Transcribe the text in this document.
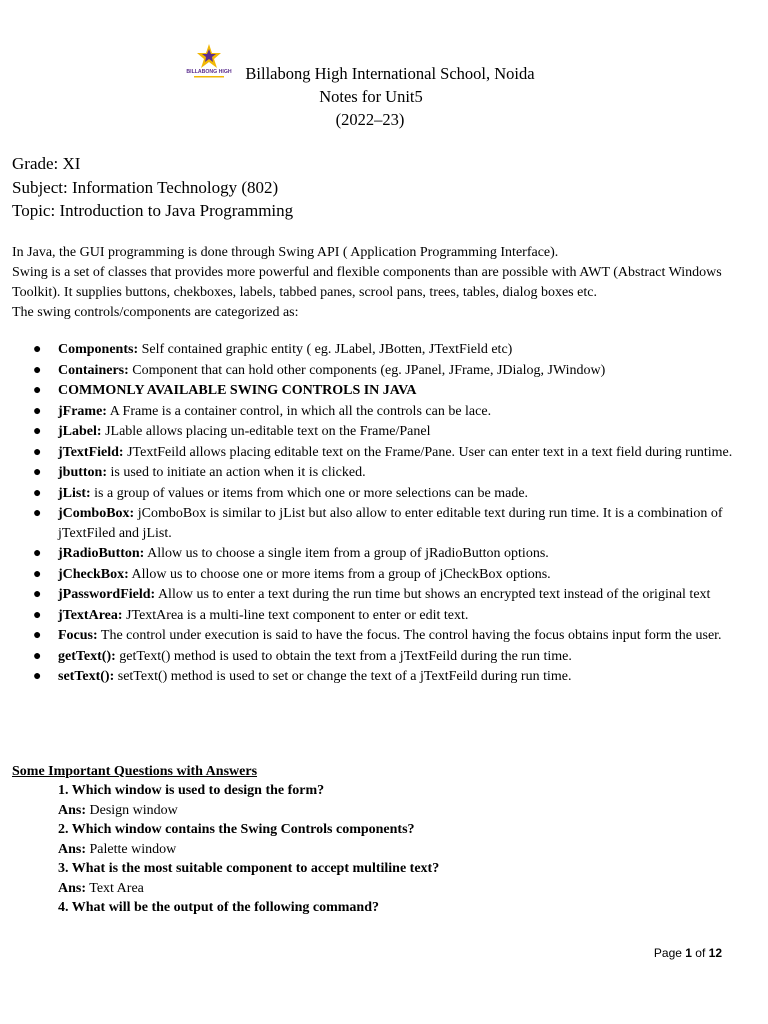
BILLABONG HIGH Billabong High International School, Noida
Notes for Unit5
(2022–23)
Grade: XI
Subject: Information Technology (802)
Topic: Introduction to Java Programming
In Java, the GUI programming is done through Swing API ( Application Programming Interface).
Swing is a set of classes that provides more powerful and flexible components than are possible with AWT (Abstract Windows Toolkit). It supplies buttons, chekboxes, labels, tabbed panes, scrool pans, trees, tables, dialog boxes etc.
The swing controls/components are categorized as:
● Components: Self contained graphic entity ( eg. JLabel, JBotten, JTextField etc)
● Containers: Component that can hold other components (eg. JPanel, JFrame, JDialog, JWindow)
● COMMONLY AVAILABLE SWING CONTROLS IN JAVA
● jFrame: A Frame is a container control, in which all the controls can be lace.
● jLabel: JLable allows placing un-editable text on the Frame/Panel
● jTextField: JTextFeild allows placing editable text on the Frame/Pane. User can enter text in a text field during runtime.
● jbutton: is used to initiate an action when it is clicked.
● jList: is a group of values or items from which one or more selections can be made.
● jComboBox: jComboBox is similar to jList but also allow to enter editable text during run time. It is a combination of jTextFiled and jList.
● jRadioButton: Allow us to choose a single item from a group of jRadioButton options.
● jCheckBox: Allow us to choose one or more items from a group of jCheckBox options.
● jPasswordField: Allow us to enter a text during the run time but shows an encrypted text instead of the original text
● jTextArea: JTextArea is a multi-line text component to enter or edit text.
● Focus: The control under execution is said to have the focus. The control having the focus obtains input form the user.
● getText(): getText() method is used to obtain the text from a jTextFeild during the run time.
● setText(): setText() method is used to set or change the text of a jTextFeild during run time.
Some Important Questions with Answers
1. Which window is used to design the form?
Ans: Design window
2. Which window contains the Swing Controls components?
Ans: Palette window
3. What is the most suitable component to accept multiline text?
Ans: Text Area
4. What will be the output of the following command?
Page 1 of 12
